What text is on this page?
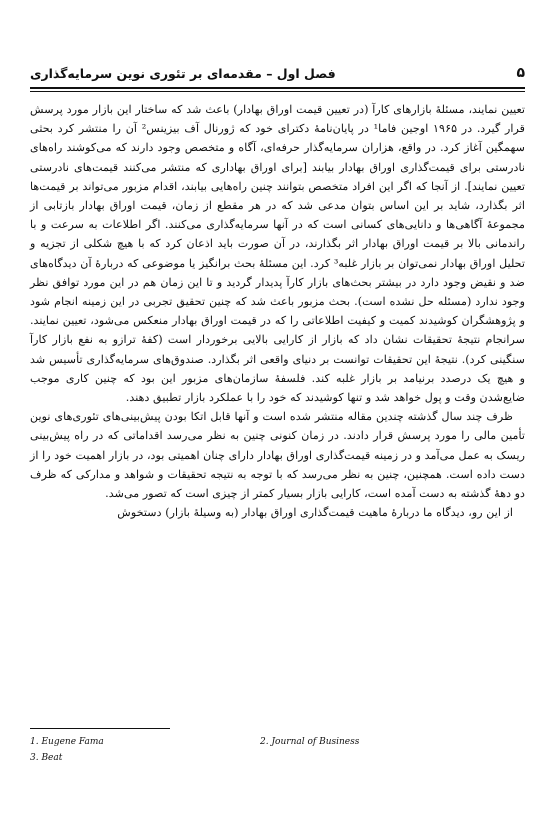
فصل اول – مقدمه‌ای بر تئوری نوین سرمایه‌گذاری	۵

تعیین نمایند، مسئلهٔ بازارهای کارآ (در تعیین قیمت اوراق بهادار) باعث شد که ساختار این بازار مورد پرسش قرار گیرد. در ۱۹۶۵ اوجین فاما¹ در پایان‌نامهٔ دکترای خود که ژورنال آف بیزینس² آن را منتشر کرد بحثی سهمگین آغاز کرد. در واقع، هزاران سرمایه‌گذار حرفه‌ای، آگاه و متخصص وجود دارند که می‌کوشند راه‌های نادرستی برای قیمت‌گذاری اوراق بهادار بیابند [برای اوراق بهاداری که منتشر می‌کنند قیمت‌های نادرستی تعیین نمایند]. از آنجا که اگر این افراد متخصص بتوانند چنین راه‌هایی بیابند، اقدام مزبور می‌تواند بر قیمت‌ها اثر بگذارد، شاید بر این اساس بتوان مدعی شد که در هر مقطع از زمان، قیمت اوراق بهادار بازتابی از مجموعهٔ آگاهی‌ها و دانایی‌های کسانی است که در آنها سرمایه‌گذاری می‌کنند. اگر اطلاعات به سرعت و با راندمانی بالا بر قیمت اوراق بهادار اثر بگذارند، در آن صورت باید اذعان کرد که با هیچ شکلی از تجزیه و تحلیل اوراق بهادار نمی‌توان بر بازار غلبه³ کرد. این مسئلهٔ بحث برانگیز یا موضوعی که دربارهٔ آن دیدگاه‌های ضد و نقیض وجود دارد در بیشتر بحث‌های بازار کارآ پدیدار گردید و تا این زمان هم در این مورد توافق نظر وجود ندارد (مسئله حل نشده است). بحث مزبور باعث شد که چنین تحقیق تجربی در این زمینه انجام شود و پژوهشگران کوشیدند کمیت و کیفیت اطلاعاتی را که در قیمت اوراق بهادار منعکس می‌شود، تعیین نمایند. سرانجام نتیجهٔ تحقیقات نشان داد که بازار از کارایی بالایی برخوردار است (کفهٔ ترازو به نفع بازار کارآ سنگینی کرد). نتیجهٔ این تحقیقات توانست بر دنیای واقعی اثر بگذارد. صندوق‌های سرمایه‌گذاری تأسیس شد و هیچ یک درصدد برنیامد بر بازار غلبه کند. فلسفهٔ سازمان‌های مزبور این بود که چنین کاری موجب ضایع‌شدن وقت و پول خواهد شد و تنها کوشیدند که خود را با عملکرد بازار تطبیق دهند.

ظرف چند سال گذشته چندین مقاله منتشر شده است و آنها قابل اتکا بودن پیش‌بینی‌های تئوری‌های نوین تأمین مالی را مورد پرسش قرار دادند. در زمان کنونی چنین به نظر می‌رسد اقداماتی که در راه پیش‌بینی ریسک به عمل می‌آمد و در زمینه قیمت‌گذاری اوراق بهادار دارای چنان اهمیتی بود، در بازار اهمیت خود را از دست داده است. همچنین، چنین به نظر می‌رسد که با توجه به نتیجه تحقیقات و شواهد و مدارکی که ظرف دو دههٔ گذشته به دست آمده است، کارایی بازار بسیار کمتر از چیزی است که تصور می‌شد.

از این رو، دیدگاه ما دربارهٔ ماهیت قیمت‌گذاری اوراق بهادار (به وسیلهٔ بازار) دستخوش

1. Eugene Fama	2. Journal of Business
3. Beat
